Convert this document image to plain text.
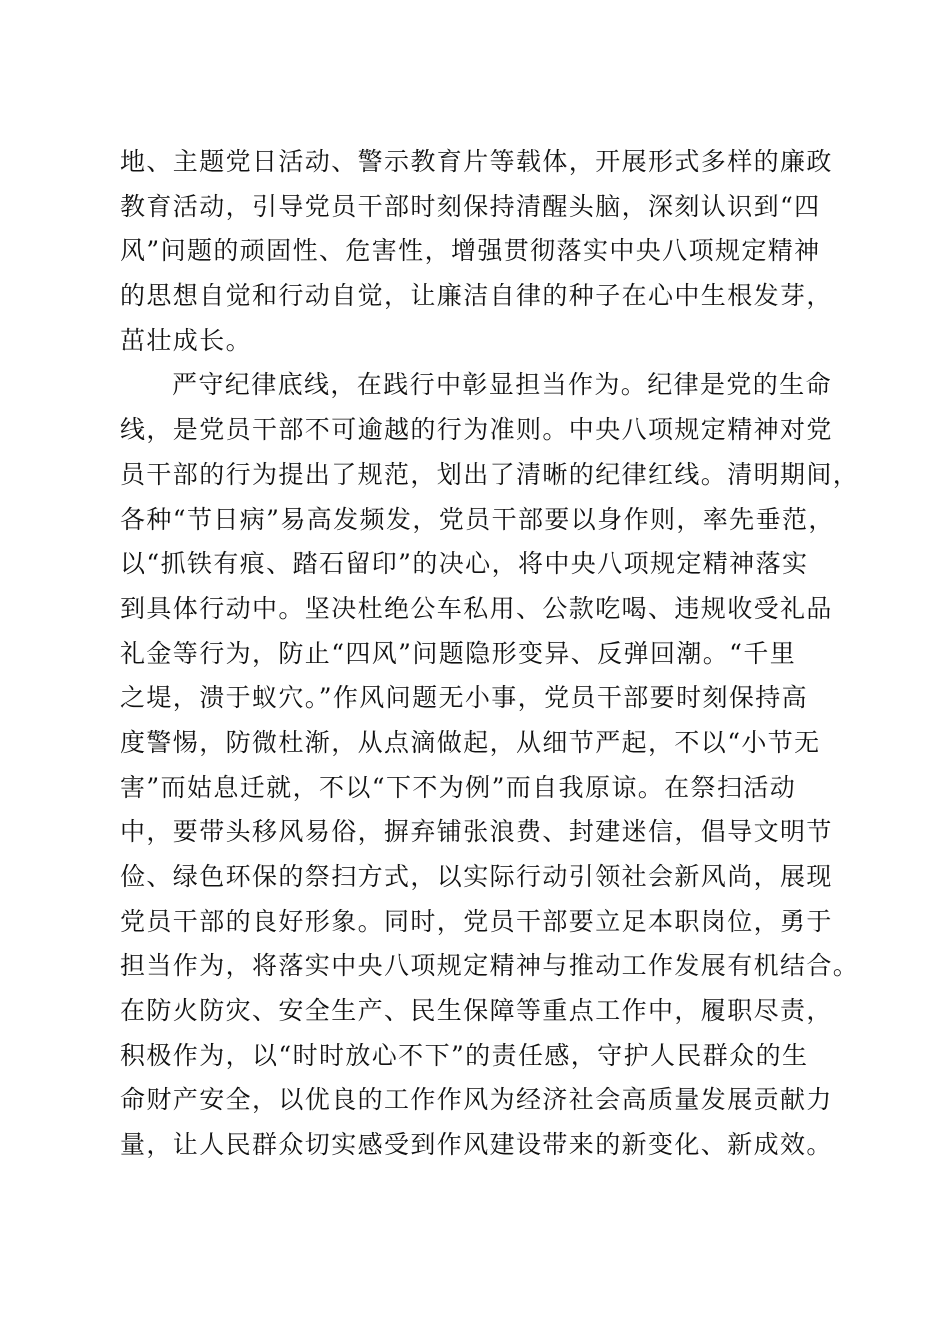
地、主题党日活动、警示教育片等载体，开展形式多样的廉政
教育活动，引导党员干部时刻保持清醒头脑，深刻认识到“四
风”问题的顽固性、危害性，增强贯彻落实中央八项规定精神
的思想自觉和行动自觉，让廉洁自律的种子在心中生根发芽，
茁壮成长。
严守纪律底线，在践行中彰显担当作为。纪律是党的生命
线，是党员干部不可逾越的行为准则。中央八项规定精神对党
员干部的行为提出了规范，划出了清晰的纪律红线。清明期间，
各种“节日病”易高发频发，党员干部要以身作则，率先垂范，
以“抓铁有痕、踏石留印”的决心，将中央八项规定精神落实
到具体行动中。坚决杜绝公车私用、公款吃喝、违规收受礼品
礼金等行为，防止“四风”问题隐形变异、反弹回潮。“千里
之堤，溃于蚁穴。”作风问题无小事，党员干部要时刻保持高
度警惕，防微杜渐，从点滴做起，从细节严起，不以“小节无
害”而姑息迁就，不以“下不为例”而自我原谅。在祭扫活动
中，要带头移风易俗，摒弃铺张浪费、封建迷信，倡导文明节
俭、绿色环保的祭扫方式，以实际行动引领社会新风尚，展现
党员干部的良好形象。同时，党员干部要立足本职岗位，勇于
担当作为，将落实中央八项规定精神与推动工作发展有机结合。
在防火防灾、安全生产、民生保障等重点工作中，履职尽责，
积极作为，以“时时放心不下”的责任感，守护人民群众的生
命财产安全，以优良的工作作风为经济社会高质量发展贡献力
量，让人民群众切实感受到作风建设带来的新变化、新成效。
